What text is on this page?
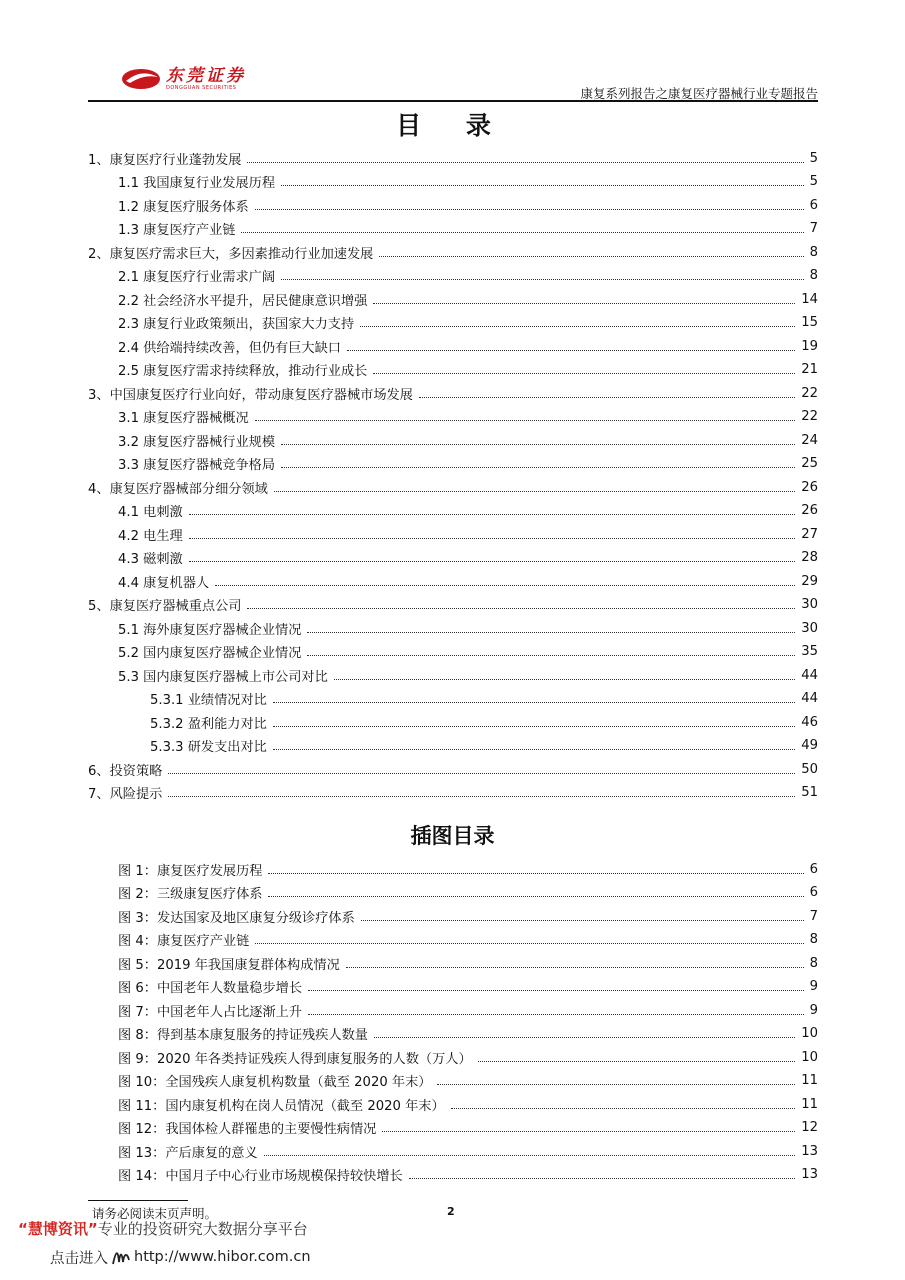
东莞证券
DONGGUAN SECURITIES	康复系列报告之康复医疗器械行业专题报告
目 录
1、康复医疗行业蓬勃发展	5
1.1 我国康复行业发展历程	5
1.2 康复医疗服务体系	6
1.3 康复医疗产业链	7
2、康复医疗需求巨大，多因素推动行业加速发展	8
2.1 康复医疗行业需求广阔	8
2.2 社会经济水平提升，居民健康意识增强	14
2.3 康复行业政策频出，获国家大力支持	15
2.4 供给端持续改善，但仍有巨大缺口	19
2.5 康复医疗需求持续释放，推动行业成长	21
3、中国康复医疗行业向好，带动康复医疗器械市场发展	22
3.1 康复医疗器械概况	22
3.2 康复医疗器械行业规模	24
3.3 康复医疗器械竞争格局	25
4、康复医疗器械部分细分领域	26
4.1 电刺激	26
4.2 电生理	27
4.3 磁刺激	28
4.4 康复机器人	29
5、康复医疗器械重点公司	30
5.1 海外康复医疗器械企业情况	30
5.2 国内康复医疗器械企业情况	35
5.3 国内康复医疗器械上市公司对比	44
5.3.1 业绩情况对比	44
5.3.2 盈利能力对比	46
5.3.3 研发支出对比	49
6、投资策略	50
7、风险提示	51
插图目录
图 1：康复医疗发展历程	6
图 2：三级康复医疗体系	6
图 3：发达国家及地区康复分级诊疗体系	7
图 4：康复医疗产业链	8
图 5：2019 年我国康复群体构成情况	8
图 6：中国老年人数量稳步增长	9
图 7：中国老年人占比逐渐上升	9
图 8：得到基本康复服务的持证残疾人数量	10
图 9：2020 年各类持证残疾人得到康复服务的人数（万人）	10
图 10：全国残疾人康复机构数量（截至 2020 年末）	11
图 11：国内康复机构在岗人员情况（截至 2020 年末）	11
图 12：我国体检人群罹患的主要慢性病情况	12
图 13：产后康复的意义	13
图 14：中国月子中心行业市场规模保持较快增长	13
请务必阅读末页声明。	2
“慧博资讯”专业的投资研究大数据分享平台
点击进入 http://www.hibor.com.cn
